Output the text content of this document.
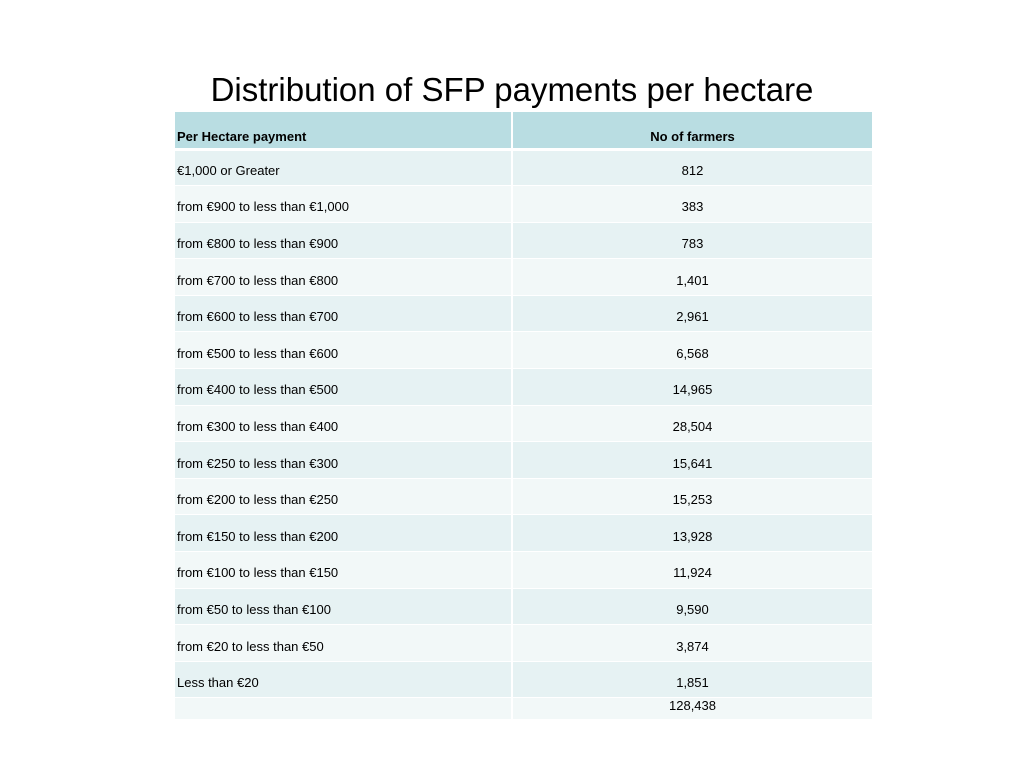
Distribution of SFP payments per hectare
Per Hectare payment	No of farmers
€1,000 or Greater	812
from €900 to less than €1,000	383
from €800 to less than €900	783
from €700 to less than €800	1,401
from €600 to less than €700	2,961
from €500 to less than €600	6,568
from €400 to less than €500	14,965
from €300 to less than €400	28,504
from €250 to less than €300	15,641
from €200 to less than €250	15,253
from €150 to less than €200	13,928
from €100 to less than €150	11,924
from €50 to less than €100	9,590
from €20 to less than €50	3,874
Less than €20	1,851
	128,438
